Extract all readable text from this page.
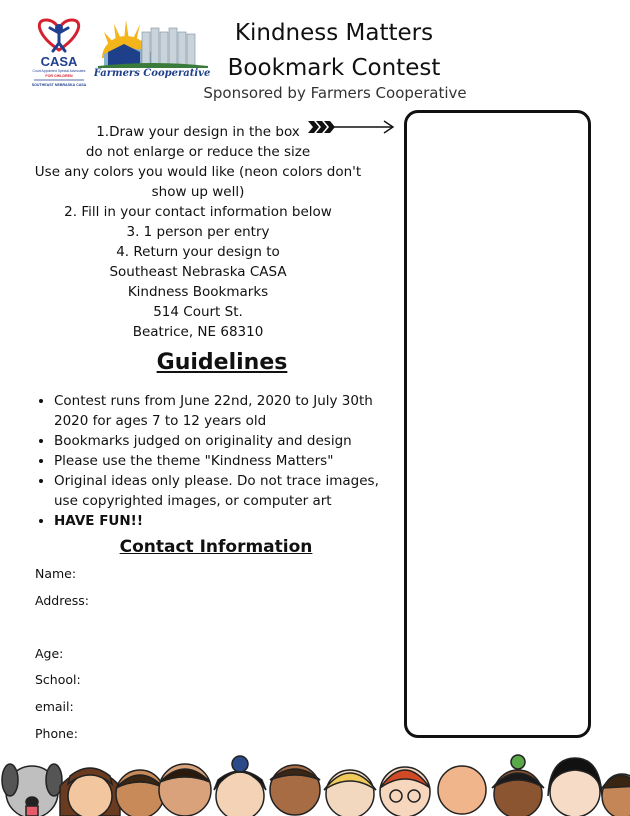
CASA
Court Appointed Special Advocates
FOR CHILDREN
SOUTHEAST NEBRASKA CASA
Farmers Cooperative
Kindness Matters
Bookmark Contest
Sponsored by Farmers Cooperative
1.Draw your design in the box
do not enlarge or reduce the size
Use any colors you would like (neon colors don't
show up well)
2. Fill in your contact information below
3. 1 person per entry
4. Return your design to
Southeast Nebraska CASA
Kindness Bookmarks
514 Court St.
Beatrice, NE 68310
Guidelines
• Contest runs from June 22nd, 2020 to July 30th 2020 for ages 7 to 12 years old
• Bookmarks judged on originality and design
• Please use the theme "Kindness Matters"
• Original ideas only please. Do not trace images, use copyrighted images, or computer art
• HAVE FUN!!
Contact Information
Name:
Address:
Age:
School:
email:
Phone:
